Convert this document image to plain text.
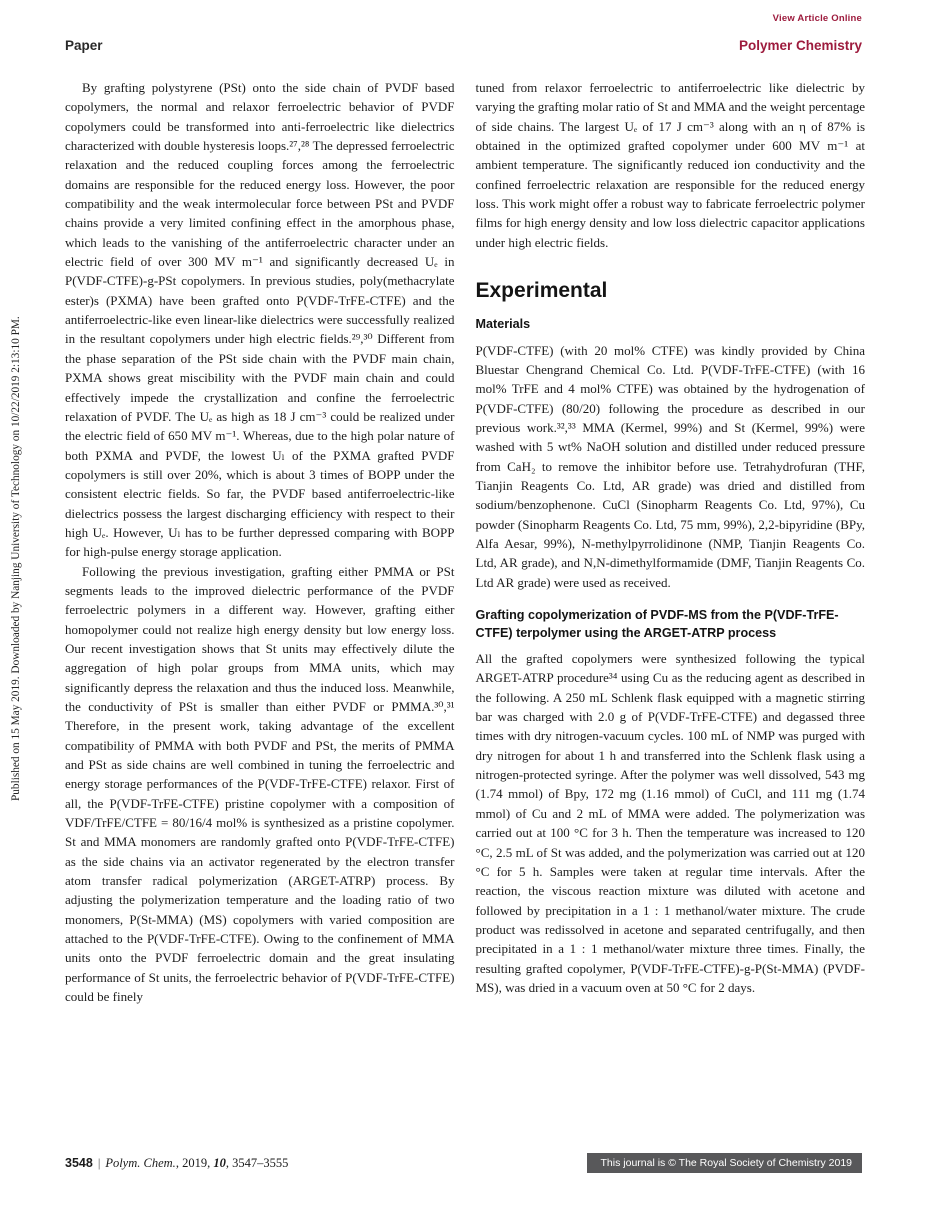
View Article Online
Paper	Polymer Chemistry
Published on 15 May 2019. Downloaded by Nanjing University of Technology on 10/22/2019 2:13:10 PM.

By grafting polystyrene (PSt) onto the side chain of PVDF based copolymers, the normal and relaxor ferroelectric behavior of PVDF copolymers could be transformed into anti-ferroelectric like dielectrics characterized with double hysteresis loops.²⁷,²⁸ The depressed ferroelectric relaxation and the reduced coupling forces among the ferroelectric domains are responsible for the reduced energy loss. However, the poor compatibility and the weak intermolecular force between PSt and PVDF chains provide a very limited confining effect in the amorphous phase, which leads to the vanishing of the antiferroelectric character under an electric field of over 300 MV m⁻¹ and significantly decreased Uₑ in P(VDF-CTFE)-g-PSt copolymers. In previous studies, poly(methacrylate ester)s (PXMA) have been grafted onto P(VDF-TrFE-CTFE) and the antiferroelectric-like even linear-like dielectrics were successfully realized in the resultant copolymers under high electric fields.²⁹,³⁰ Different from the phase separation of the PSt side chain with the PVDF main chain, PXMA shows great miscibility with the PVDF main chain and could effectively impede the crystallization and confine the ferroelectric relaxation of PVDF. The Uₑ as high as 18 J cm⁻³ could be realized under the electric field of 650 MV m⁻¹. Whereas, due to the high polar nature of both PXMA and PVDF, the lowest Uₗ of the PXMA grafted PVDF copolymers is still over 20%, which is about 3 times of BOPP under the consistent electric fields. So far, the PVDF based antiferroelectric-like dielectrics possess the largest discharging efficiency with respect to their high Uₑ. However, Uₗ has to be further depressed comparing with BOPP for high-pulse energy storage application.

Following the previous investigation, grafting either PMMA or PSt segments leads to the improved dielectric performance of the PVDF ferroelectric polymers in a different way. However, grafting either homopolymer could not realize high energy density but low energy loss. Our recent investigation shows that St units may effectively dilute the aggregation of high polar groups from MMA units, which may significantly depress the relaxation and thus the induced loss. Meanwhile, the conductivity of PSt is smaller than either PVDF or PMMA.³⁰,³¹ Therefore, in the present work, taking advantage of the excellent compatibility of PMMA with both PVDF and PSt, the merits of PMMA and PSt as side chains are well combined in tuning the ferroelectric and energy storage performances of the P(VDF-TrFE-CTFE) relaxor. First of all, the P(VDF-TrFE-CTFE) pristine copolymer with a composition of VDF/TrFE/CTFE = 80/16/4 mol% is synthesized as a pristine copolymer. St and MMA monomers are randomly grafted onto P(VDF-TrFE-CTFE) as the side chains via an activator regenerated by the electron transfer atom transfer radical polymerization (ARGET-ATRP) process. By adjusting the polymerization temperature and the loading ratio of two monomers, P(St-MMA) (MS) copolymers with varied composition are attached to the P(VDF-TrFE-CTFE). Owing to the confinement of MMA units onto the PVDF ferroelectric domain and the great insulating performance of St units, the ferroelectric behavior of P(VDF-TrFE-CTFE) could be finely

tuned from relaxor ferroelectric to antiferroelectric like dielectric by varying the grafting molar ratio of St and MMA and the weight percentage of side chains. The largest Uₑ of 17 J cm⁻³ along with an η of 87% is obtained in the optimized grafted copolymer under 600 MV m⁻¹ at ambient temperature. The significantly reduced ion conductivity and the confined ferroelectric relaxation are responsible for the reduced energy loss. This work might offer a robust way to fabricate ferroelectric polymer films for high energy density and low loss dielectric capacitor applications under high electric fields.

Experimental
Materials

P(VDF-CTFE) (with 20 mol% CTFE) was kindly provided by China Bluestar Chengrand Chemical Co. Ltd. P(VDF-TrFE-CTFE) (with 16 mol% TrFE and 4 mol% CTFE) was obtained by the hydrogenation of P(VDF-CTFE) (80/20) following the procedure as described in our previous work.³²,³³ MMA (Kermel, 99%) and St (Kermel, 99%) were washed with 5 wt% NaOH solution and distilled under reduced pressure from CaH₂ to remove the inhibitor before use. Tetrahydrofuran (THF, Tianjin Reagents Co. Ltd, AR grade) was dried and distilled from sodium/benzophenone. CuCl (Sinopharm Reagents Co. Ltd, 97%), Cu powder (Sinopharm Reagents Co. Ltd, 75 mm, 99%), 2,2-bipyridine (BPy, Alfa Aesar, 99%), N-methylpyrrolidinone (NMP, Tianjin Reagents Co. Ltd, AR grade), and N,N-dimethylformamide (DMF, Tianjin Reagents Co. Ltd AR grade) were used as received.

Grafting copolymerization of PVDF-MS from the P(VDF-TrFE-CTFE) terpolymer using the ARGET-ATRP process

All the grafted copolymers were synthesized following the typical ARGET-ATRP procedure³⁴ using Cu as the reducing agent as described in the following. A 250 mL Schlenk flask equipped with a magnetic stirring bar was charged with 2.0 g of P(VDF-TrFE-CTFE) and degassed three times with dry nitrogen-vacuum cycles. 100 mL of NMP was purged with dry nitrogen for about 1 h and transferred into the Schlenk flask using a nitrogen-protected syringe. After the polymer was well dissolved, 543 mg (1.74 mmol) of Bpy, 172 mg (1.16 mmol) of CuCl, and 111 mg (1.74 mmol) of Cu and 2 mL of MMA were added. The polymerization was carried out at 100 °C for 3 h. Then the temperature was increased to 120 °C, 2.5 mL of St was added, and the polymerization was carried out at 120 °C for 5 h. Samples were taken at regular time intervals. After the reaction, the viscous reaction mixture was diluted with acetone and followed by precipitation in a 1 : 1 methanol/water mixture. The crude product was redissolved in acetone and separated centrifugally, and then precipitated in a 1 : 1 methanol/water mixture three times. Finally, the resulting grafted copolymer, P(VDF-TrFE-CTFE)-g-P(St-MMA) (PVDF-MS), was dried in a vacuum oven at 50 °C for 2 days.

3548 | Polym. Chem., 2019, 10, 3547–3555	This journal is © The Royal Society of Chemistry 2019
